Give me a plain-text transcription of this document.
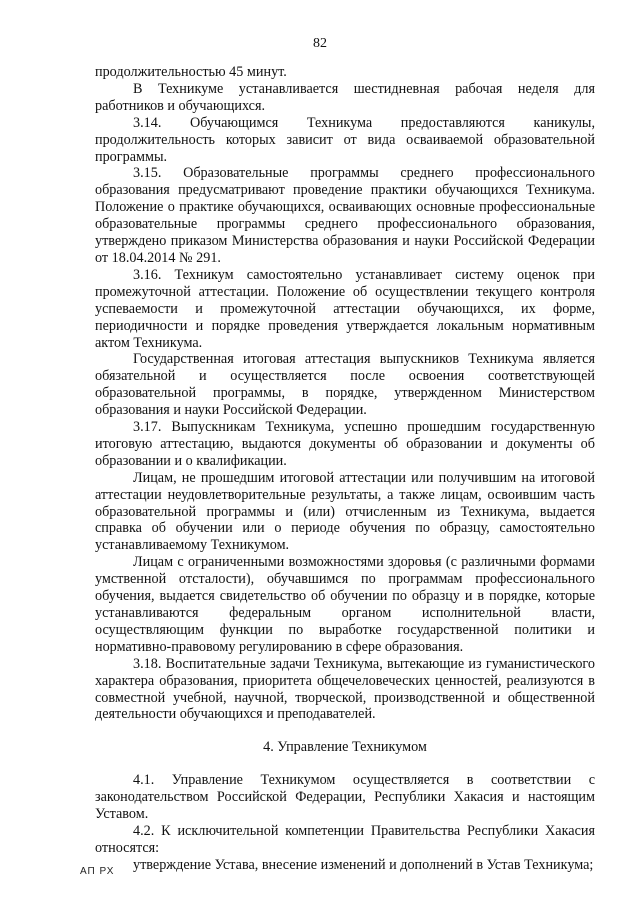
82

продолжительностью 45 минут.

В Техникуме устанавливается шестидневная рабочая неделя для работников и обучающихся.

3.14. Обучающимся Техникума предоставляются каникулы, продолжительность которых зависит от вида осваиваемой образовательной программы.

3.15. Образовательные программы среднего профессионального образования предусматривают проведение практики обучающихся Техникума. Положение о практике обучающихся, осваивающих основные профессиональные образовательные программы среднего профессионального образования, утверждено приказом Министерства образования и науки Российской Федерации от 18.04.2014 № 291.

3.16. Техникум самостоятельно устанавливает систему оценок при промежуточной аттестации. Положение об осуществлении текущего контроля успеваемости и промежуточной аттестации обучающихся, их форме, периодичности и порядке проведения утверждается локальным нормативным актом Техникума.

Государственная итоговая аттестация выпускников Техникума является обязательной и осуществляется после освоения соответствующей образовательной программы, в порядке, утвержденном Министерством образования и науки Российской Федерации.

3.17. Выпускникам Техникума, успешно прошедшим государственную итоговую аттестацию, выдаются документы об образовании и документы об образовании и о квалификации.

Лицам, не прошедшим итоговой аттестации или получившим на итоговой аттестации неудовлетворительные результаты, а также лицам, освоившим часть образовательной программы и (или) отчисленным из Техникума, выдается справка об обучении или о периоде обучения по образцу, самостоятельно устанавливаемому Техникумом.

Лицам с ограниченными возможностями здоровья (с различными формами умственной отсталости), обучавшимся по программам профессионального обучения, выдается свидетельство об обучении по образцу и в порядке, которые устанавливаются федеральным органом исполнительной власти, осуществляющим функции по выработке государственной политики и нормативно-правовому регулированию в сфере образования.

3.18. Воспитательные задачи Техникума, вытекающие из гуманистического характера образования, приоритета общечеловеческих ценностей, реализуются в совместной учебной, научной, творческой, производственной и общественной деятельности обучающихся и преподавателей.

4. Управление Техникумом

4.1. Управление Техникумом осуществляется в соответствии с законодательством Российской Федерации, Республики Хакасия и настоящим Уставом.

4.2. К исключительной компетенции Правительства Республики Хакасия относятся:

утверждение Устава, внесение изменений и дополнений в Устав Техникума;

АП РХ
